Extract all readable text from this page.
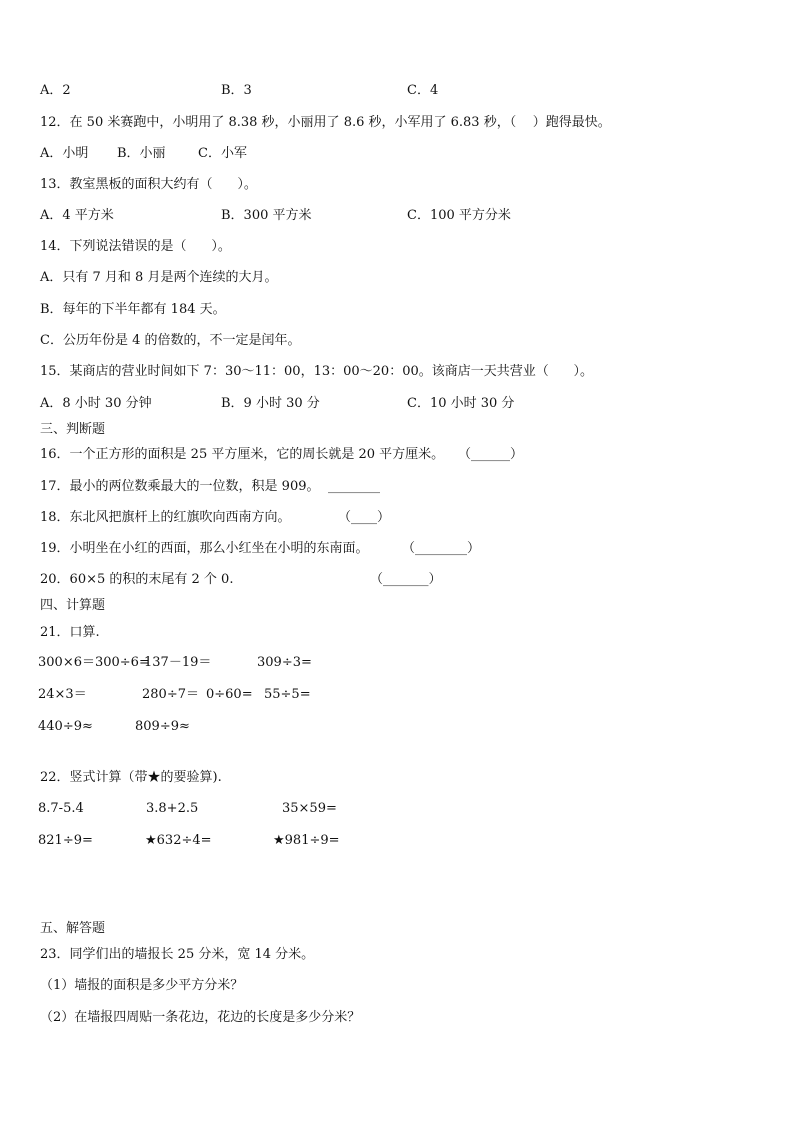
A．2

	B．3

	C．4

12．在 50 米赛跑中，小明用了 8.38 秒，小丽用了 8.6 秒，小军用了 6.83 秒，（    ）跑得最快。

A．小明

B．小丽

C．小军

13．教室黑板的面积大约有（      ）。

A．4 平方米

	B．300 平方米

	C．100 平方分米

14．下列说法错误的是（      ）。

A．只有 7 月和 8 月是两个连续的大月。

B．每年的下半年都有 184 天。

C．公历年份是 4 的倍数的，不一定是闰年。

15．某商店的营业时间如下 7：30～11：00，13：00～20：00。该商店一天共营业（      ）。

A．8 小时 30 分钟

	B．9 小时 30 分

	C．10 小时 30 分

三、判断题

16．一个正方形的面积是 25 平方厘米，它的周长就是 20 平方厘米。

（______）

17．最小的两位数乘最大的一位数，积是 909。

________

18．东北风把旗杆上的红旗吹向西南方向。

	（____）

19．小明坐在小红的西面，那么小红坐在小明的东南面。

	（________）

20．60×5 的积的末尾有 2 个 0.

	（_______）

四、计算题

21．口算.

300×6＝300÷6=

137－19＝

	309÷3=

24×3＝

	280÷7＝

0÷60=

55÷5=

440÷9≈

	809÷9≈

22．竖式计算（带★的要验算).

8.7-5.4

	3.8+2.5

	35×59=

821÷9=

	★632÷4=

	★981÷9=

五、解答题

23．同学们出的墙报长 25 分米，宽 14 分米。

（1）墙报的面积是多少平方分米？

（2）在墙报四周贴一条花边，花边的长度是多少分米？
